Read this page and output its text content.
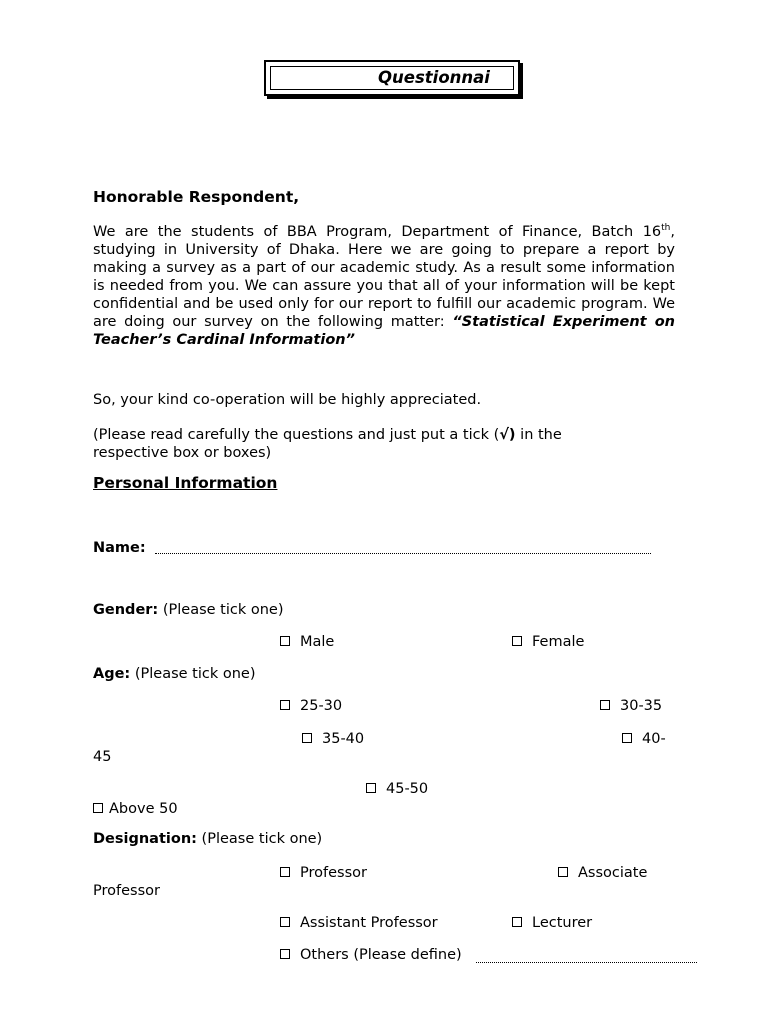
Questionnai
Honorable Respondent,
We are the students of BBA Program, Department of Finance, Batch 16th, studying in University of Dhaka. Here we are going to prepare a report by making a survey as a part of our academic study. As a result some information is needed from you. We can assure you that all of your information will be kept confidential and be used only for our report to fulfill our academic program. We are doing our survey on the following matter: “Statistical Experiment on Teacher’s Cardinal Information”
So, your kind co-operation will be highly appreciated.
(Please read carefully the questions and just put a tick (√) in the
respective box or boxes)
Personal Information
Name:
Gender: (Please tick one)
Male	Female
Age: (Please tick one)
25-30	30-35
35-40	40-
45
45-50
Above 50
Designation: (Please tick one)
Professor	Associate
Professor
Assistant Professor	Lecturer
Others (Please define)
